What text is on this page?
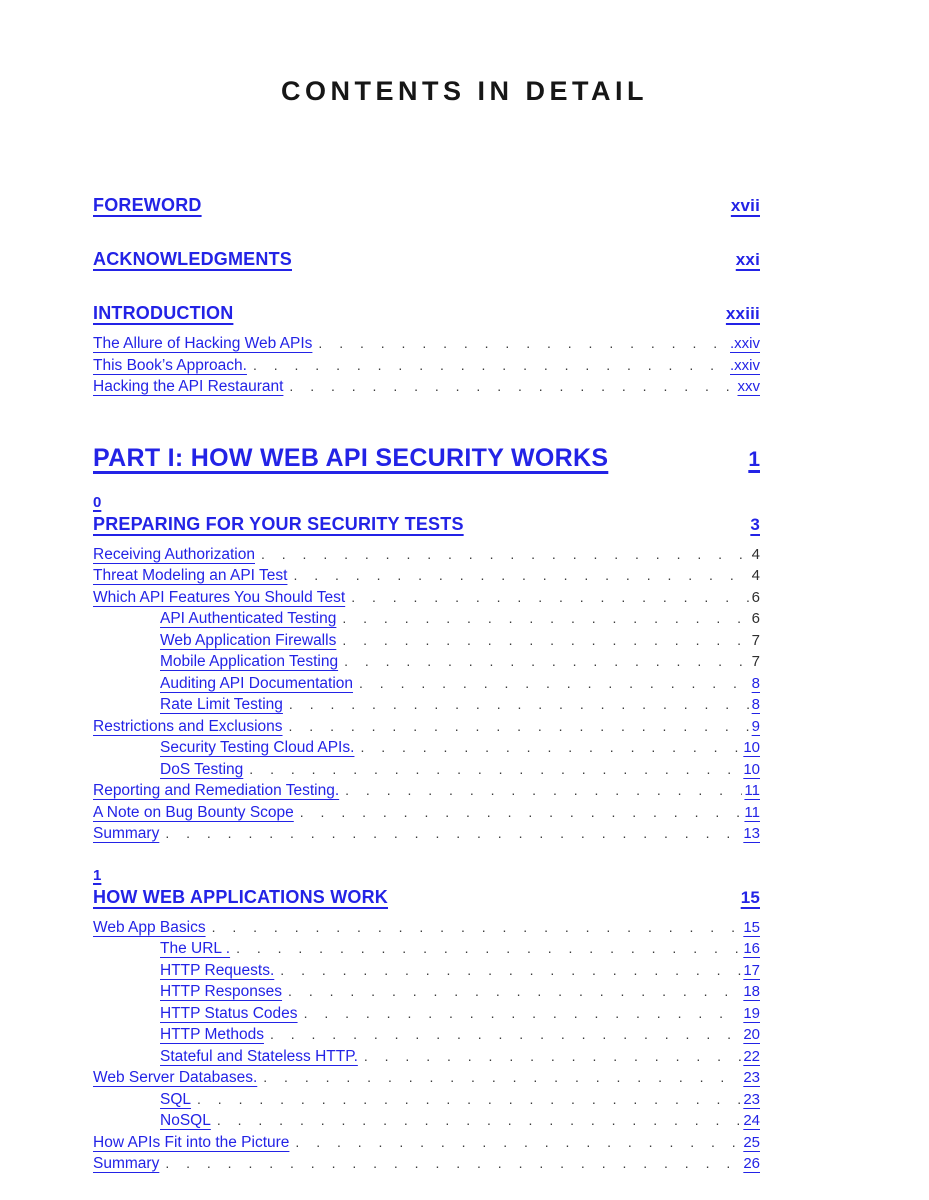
CONTENTS IN DETAIL
FOREWORD	xvii
ACKNOWLEDGMENTS	xxi
INTRODUCTION	xxiii
The Allure of Hacking Web APIs . . .	.xxiv
This Book’s Approach. . . .	.xxiv
Hacking the API Restaurant . . .	xxv
PART I: HOW WEB API SECURITY WORKS	1
0
PREPARING FOR YOUR SECURITY TESTS	3
Receiving Authorization . . .	4
Threat Modeling an API Test . . .	4
Which API Features You Should Test . . .	6
API Authenticated Testing . . .	6
Web Application Firewalls . . .	7
Mobile Application Testing . . .	7
Auditing API Documentation . . .	8
Rate Limit Testing . . .	8
Restrictions and Exclusions . . .	9
Security Testing Cloud APIs. . . .	10
DoS Testing . . .	10
Reporting and Remediation Testing. . . .	11
A Note on Bug Bounty Scope . . .	11
Summary . . .	13
1
HOW WEB APPLICATIONS WORK	15
Web App Basics . . .	15
The URL . . . .	16
HTTP Requests. . . .	17
HTTP Responses . . .	18
HTTP Status Codes . . .	19
HTTP Methods . . .	20
Stateful and Stateless HTTP. . . .	22
Web Server Databases. . . .	23
SQL . . .	23
NoSQL . . .	24
How APIs Fit into the Picture . . .	25
Summary . . .	26
